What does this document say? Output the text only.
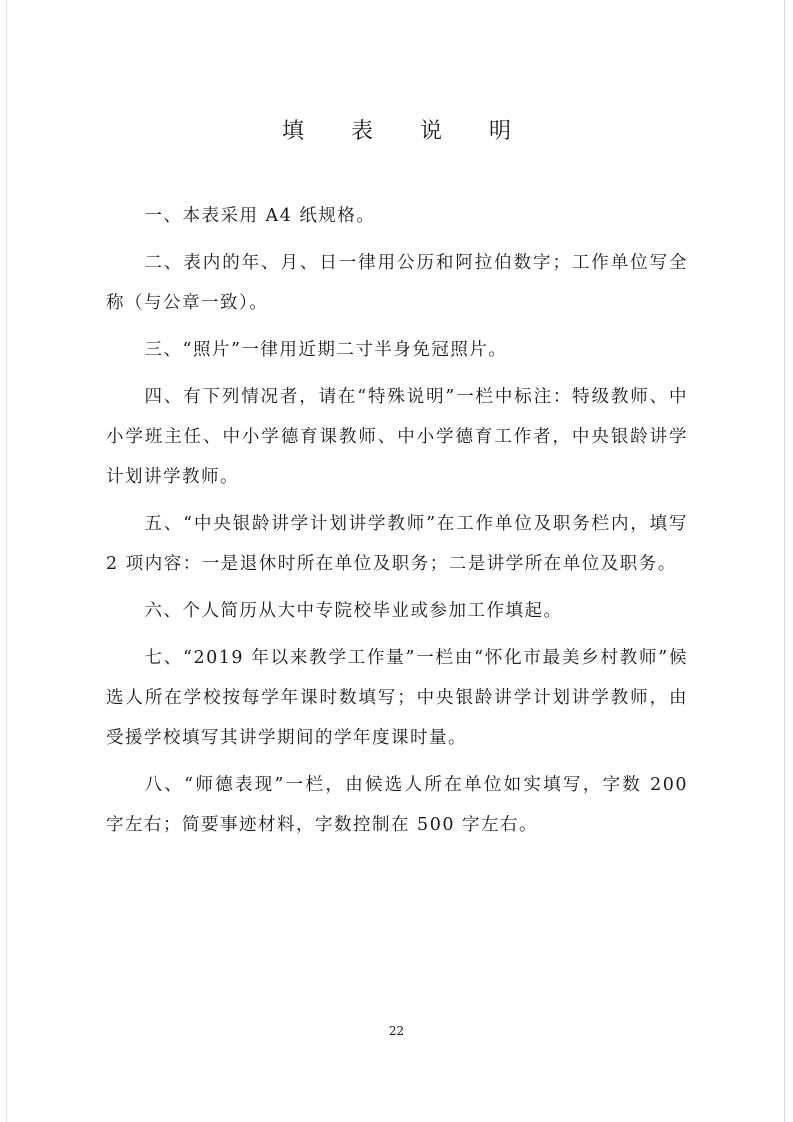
填 表 说 明

一、本表采用 A4 纸规格。

二、表内的年、月、日一律用公历和阿拉伯数字；工作单位写全称（与公章一致）。

三、“照片”一律用近期二寸半身免冠照片。

四、有下列情况者，请在“特殊说明”一栏中标注：特级教师、中小学班主任、中小学德育课教师、中小学德育工作者，中央银龄讲学计划讲学教师。

五、“中央银龄讲学计划讲学教师”在工作单位及职务栏内，填写 2 项内容：一是退休时所在单位及职务；二是讲学所在单位及职务。

六、个人简历从大中专院校毕业或参加工作填起。

七、“2019 年以来教学工作量”一栏由“怀化市最美乡村教师”候选人所在学校按每学年课时数填写；中央银龄讲学计划讲学教师，由受援学校填写其讲学期间的学年度课时量。

八、“师德表现”一栏，由候选人所在单位如实填写，字数 200 字左右；简要事迹材料，字数控制在 500 字左右。

22
